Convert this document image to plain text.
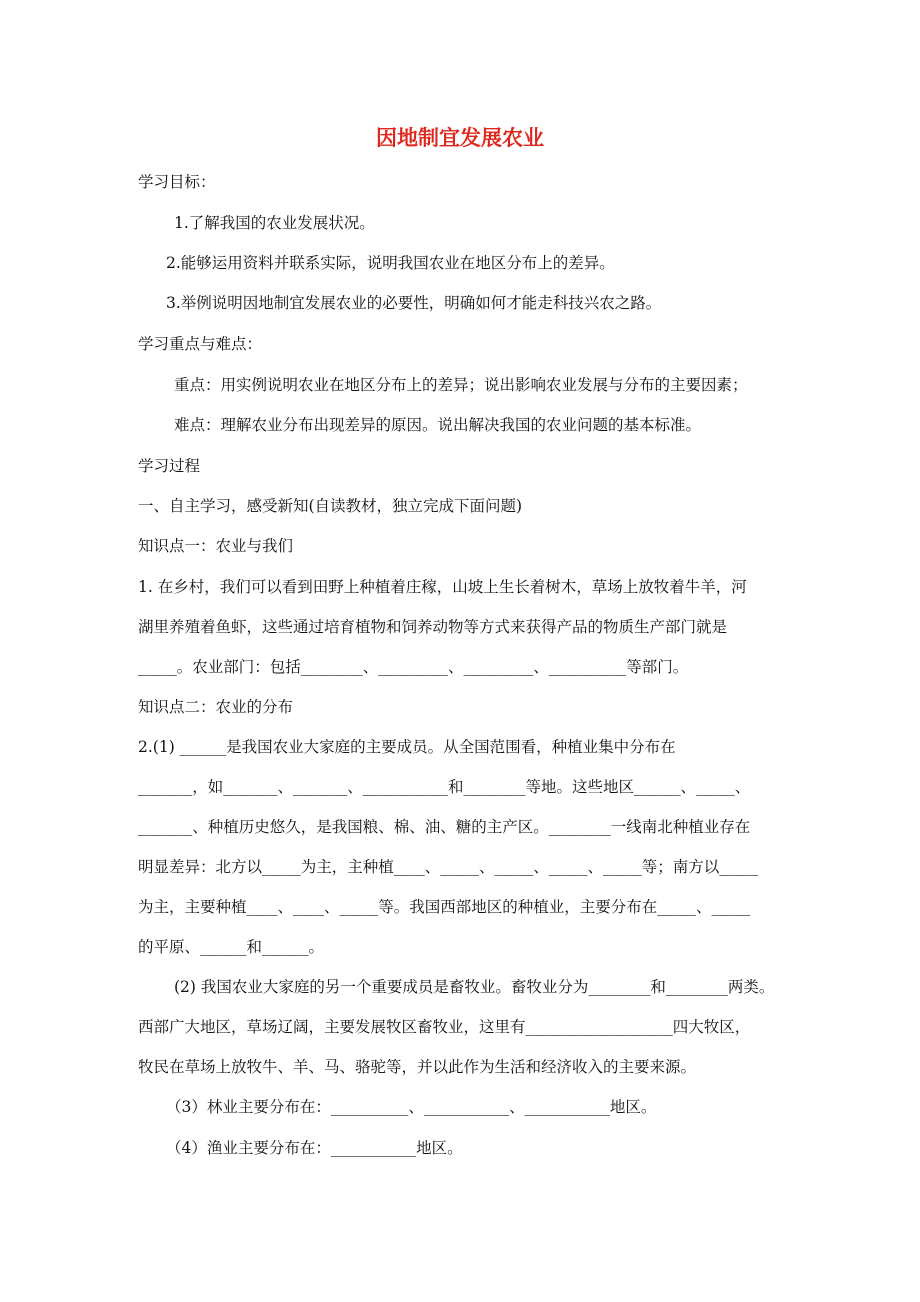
因地制宜发展农业
学习目标：
1.了解我国的农业发展状况。
2.能够运用资料并联系实际，说明我国农业在地区分布上的差异。
3.举例说明因地制宜发展农业的必要性，明确如何才能走科技兴农之路。
学习重点与难点：
重点：用实例说明农业在地区分布上的差异；说出影响农业发展与分布的主要因素；
难点：理解农业分布出现差异的原因。说出解决我国的农业问题的基本标准。
学习过程
一、自主学习，感受新知(自读教材，独立完成下面问题)
知识点一：农业与我们
1. 在乡村，我们可以看到田野上种植着庄稼，山坡上生长着树木，草场上放牧着牛羊，河
湖里养殖着鱼虾，这些通过培育植物和饲养动物等方式来获得产品的物质生产部门就是
_____。农业部门：包括________、_________、_________、__________等部门。
知识点二：农业的分布
2.(1) ______是我国农业大家庭的主要成员。从全国范围看，种植业集中分布在
_______，如_______、_______、___________和________等地。这些地区______、_____、
_______、种植历史悠久，是我国粮、棉、油、糖的主产区。________一线南北种植业存在
明显差异：北方以_____为主，主种植____、_____、_____、_____、_____等；南方以_____
为主，主要种植____、____、_____等。我国西部地区的种植业，主要分布在_____、_____
的平原、______和______。
(2) 我国农业大家庭的另一个重要成员是畜牧业。畜牧业分为________和________两类。
西部广大地区，草场辽阔，主要发展牧区畜牧业，这里有___________________四大牧区，
牧民在草场上放牧牛、羊、马、骆驼等，并以此作为生活和经济收入的主要来源。
（3）林业主要分布在：__________、___________、___________地区。
（4）渔业主要分布在：___________地区。
